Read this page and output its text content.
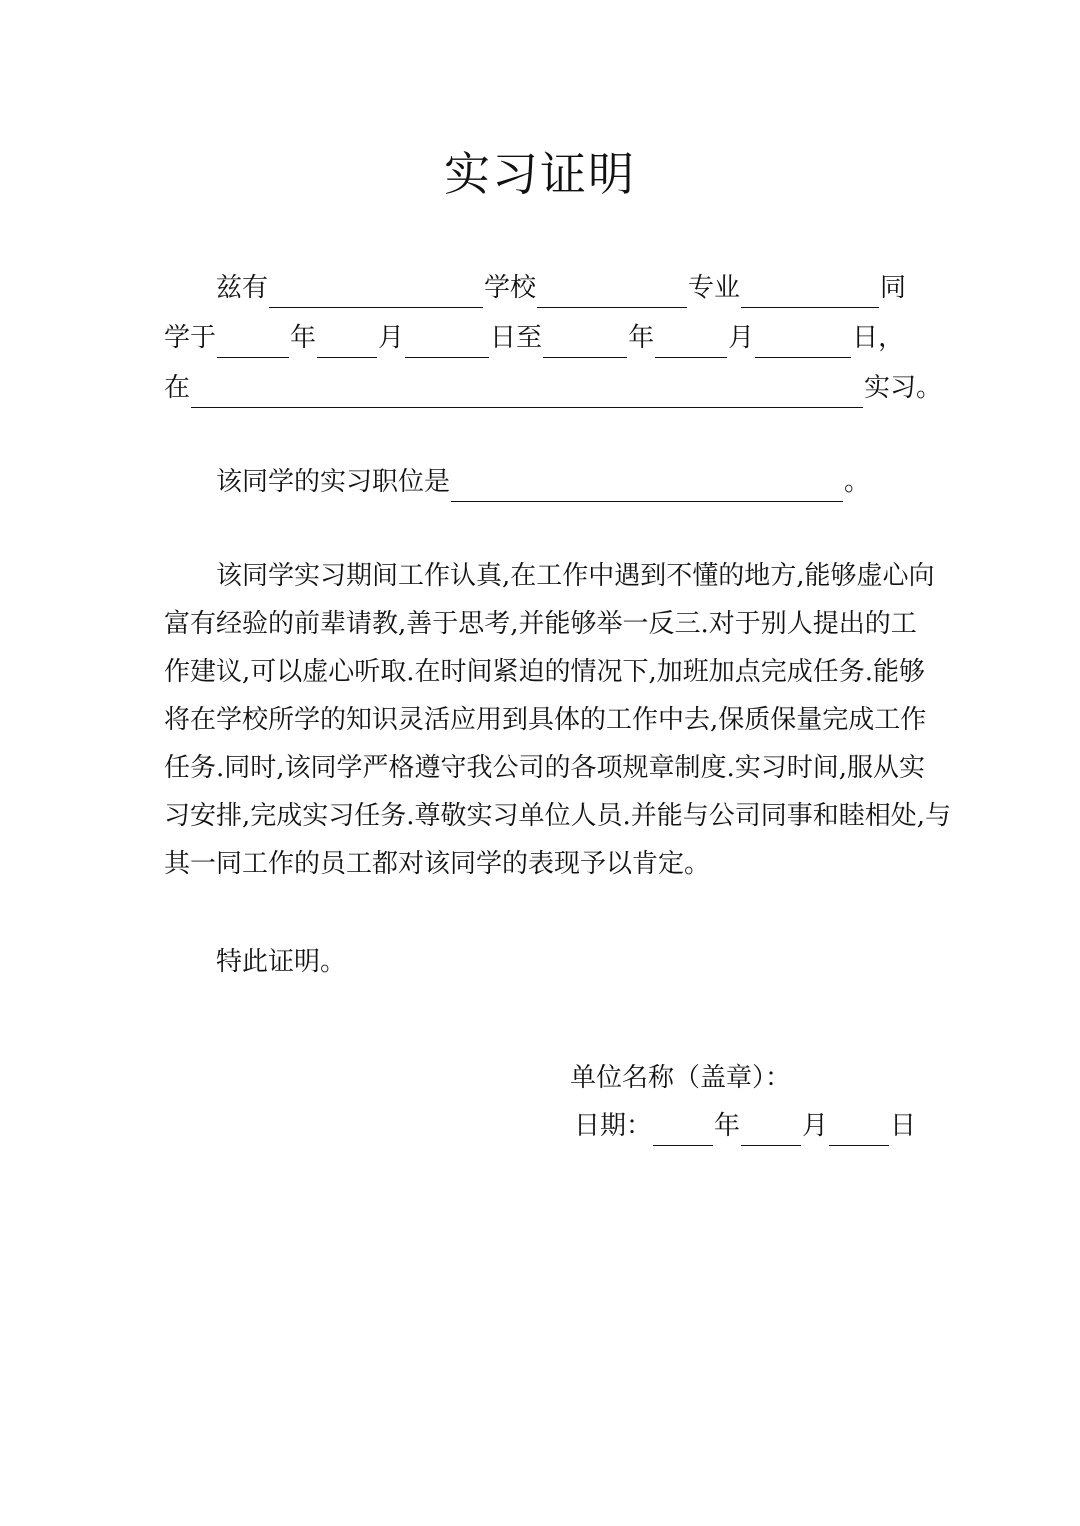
实习证明
兹有	学校	专业	同
学于	年 月	日至	年	月	日，
在	实习。
该同学的实习职位是	。
该同学实习期间工作认真,在工作中遇到不懂的地方,能够虚心向
富有经验的前辈请教,善于思考,并能够举一反三.对于别人提出的工
作建议,可以虚心听取.在时间紧迫的情况下,加班加点完成任务.能够
将在学校所学的知识灵活应用到具体的工作中去,保质保量完成工作
任务.同时,该同学严格遵守我公司的各项规章制度.实习时间,服从实
习安排,完成实习任务.尊敬实习单位人员.并能与公司同事和睦相处,与
其一同工作的员工都对该同学的表现予以肯定。
特此证明。
单位名称（盖章）：
日期： 年 月 日
